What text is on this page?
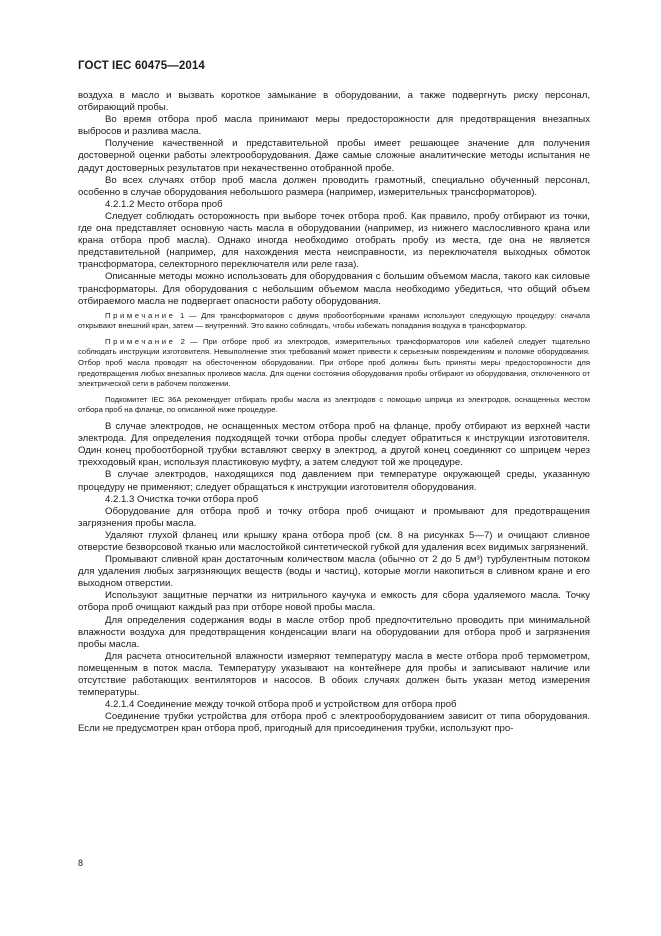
ГОСТ IEC 60475—2014

воздуха в масло и вызвать короткое замыкание в оборудовании, а также подвергнуть риску персонал, отбирающий пробы.

Во время отбора проб масла принимают меры предосторожности для предотвращения внезапных выбросов и разлива масла.

Получение качественной и представительной пробы имеет решающее значение для получения достоверной оценки работы электрооборудования. Даже самые сложные аналитические методы испытания не дадут достоверных результатов при некачественно отобранной пробе.

Во всех случаях отбор проб масла должен проводить грамотный, специально обученный персонал, особенно в случае оборудования небольшого размера (например, измерительных трансформаторов).

4.2.1.2 Место отбора проб

Следует соблюдать осторожность при выборе точек отбора проб. Как правило, пробу отбирают из точки, где она представляет основную часть масла в оборудовании (например, из нижнего маслосливного крана или крана отбора проб масла). Однако иногда необходимо отобрать пробу из места, где она не является представительной (например, для нахождения места неисправности, из переключателя выходных обмоток трансформатора, селекторного переключателя или реле газа).

Описанные методы можно использовать для оборудования с большим объемом масла, такого как силовые трансформаторы. Для оборудования с небольшим объемом масла необходимо убедиться, что общий объем отбираемого масла не подвергает опасности работу оборудования.

Примечание 1 — Для трансформаторов с двумя пробоотборными кранами используют следующую процедуру: сначала открывают внешний кран, затем — внутренний. Это важно соблюдать, чтобы избежать попадания воздуха в трансформатор.

Примечание 2 — При отборе проб из электродов, измерительных трансформаторов или кабелей следует тщательно соблюдать инструкции изготовителя. Невыполнение этих требований может привести к серьезным повреждениям и поломке оборудования. Отбор проб масла проводят на обесточенном оборудовании. При отборе проб должны быть приняты меры предосторожности для предотвращения любых внезапных проливов масла. Для оценки состояния оборудования пробы отбирают из оборудования, отключенного от электрической сети в рабочем положении.

Подкомитет IEC 36A рекомендует отбирать пробы масла из электродов с помощью шприца из электродов, оснащенных местом отбора проб на фланце, по описанной ниже процедуре.

В случае электродов, не оснащенных местом отбора проб на фланце, пробу отбирают из верхней части электрода. Для определения подходящей точки отбора пробы следует обратиться к инструкции изготовителя. Один конец пробоотборной трубки вставляют сверху в электрод, а другой конец соединяют со шприцем через трехходовый кран, используя пластиковую муфту, а затем следуют той же процедуре.

В случае электродов, находящихся под давлением при температуре окружающей среды, указанную процедуру не применяют; следует обращаться к инструкции изготовителя оборудования.

4.2.1.3 Очистка точки отбора проб

Оборудование для отбора проб и точку отбора проб очищают и промывают для предотвращения загрязнения пробы масла.

Удаляют глухой фланец или крышку крана отбора проб (см. 8 на рисунках 5—7) и очищают сливное отверстие безворсовой тканью или маслостойкой синтетической губкой для удаления всех видимых загрязнений.

Промывают сливной кран достаточным количеством масла (обычно от 2 до 5 дм³) турбулентным потоком для удаления любых загрязняющих веществ (воды и частиц), которые могли накопиться в сливном кране и его выходном отверстии.

Используют защитные перчатки из нитрильного каучука и емкость для сбора удаляемого масла. Точку отбора проб очищают каждый раз при отборе новой пробы масла.

Для определения содержания воды в масле отбор проб предпочтительно проводить при минимальной влажности воздуха для предотвращения конденсации влаги на оборудовании для отбора проб и загрязнения пробы масла.

Для расчета относительной влажности измеряют температуру масла в месте отбора проб термометром, помещенным в поток масла. Температуру указывают на контейнере для пробы и записывают наличие или отсутствие работающих вентиляторов и насосов. В обоих случаях должен быть указан метод измерения температуры.

4.2.1.4 Соединение между точкой отбора проб и устройством для отбора проб

Соединение трубки устройства для отбора проб с электрооборудованием зависит от типа оборудования. Если не предусмотрен кран отбора проб, пригодный для присоединения трубки, используют про-

8
